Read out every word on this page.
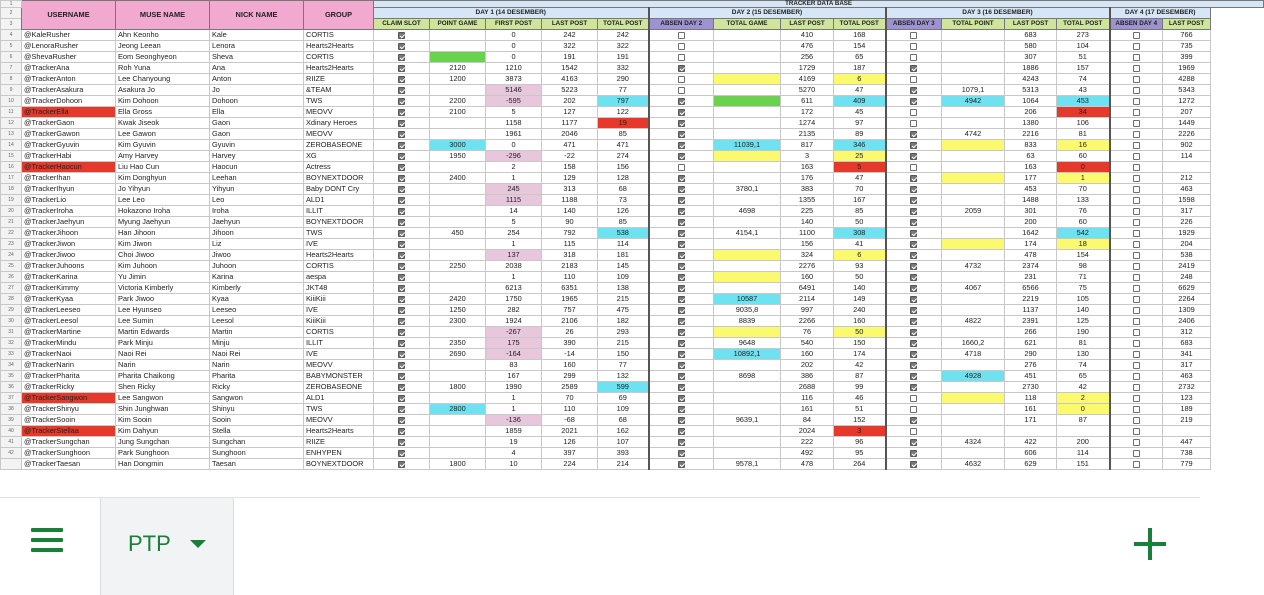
1	USERNAME	MUSE NAME	NICK NAME	GROUP	TRACKER DATA BASE														
2					DAY 1 (14 DESEMBER)					DAY 2 (15 DESEMBER)				DAY 3 (16 DESEMBER)				DAY 4 (17 DESEMBER)	
3					CLAIM SLOT	POINT GAME	FIRST POST	LAST POST	TOTAL POST	ABSEN DAY 2	TOTAL GAME	LAST POST	TOTAL POST	ABSEN DAY 3	TOTAL POINT	LAST POST	TOTAL POST	ABSEN DAY 4	LAST POST
4	@KaleRusher	Ahn Keonho	Kale	CORTIS			0	242	242			410	168			683	273		766
5	@LenoraRusher	Jeong Leean	Lenora	Hearts2Hearts			0	322	322			476	154			580	104		735
6	@ShevaRusher	Eom Seonghyeon	Sheva	CORTIS			0	191	191			256	65			307	51		399
7	@TrackerAna	Roh Yuna	Ana	Hearts2Hearts		2120	1210	1542	332			1729	187			1886	157		1969
8	@TrackerAnton	Lee Chanyoung	Anton	RIIZE		1200	3873	4163	290			4169	6			4243	74		4288
9	@TrackerAsakura	Asakura Jo	Jo	&TEAM			5146	5223	77			5270	47		1079,1	5313	43		5343
10	@TrackerDohoon	Kim Dohoon	Dohoon	TWS		2200	-595	202	797			611	409		4942	1064	453		1272
11	@TrackerElla	Ella Gross	Ella	MEOVV		2100	5	127	122			172	45			206	34		207
12	@TrackerGaon	Kwak Jiseok	Gaon	Xdinary Heroes			1158	1177	19			1274	97			1380	106		1449
13	@TrackerGawon	Lee Gawon	Gaon	MEOVV			1961	2046	85			2135	89		4742	2216	81		2226
14	@TrackerGyuvin	Kim Gyuvin	Gyuvin	ZEROBASEONE		3000	0	471	471		11039,1	817	346			833	16		902
15	@TrackerHabi	Amy Harvey	Harvey	XG		1950	-296	-22	274			3	25			63	60		114
16	@TrackerHaocun	Liu Hao Cun	Haocun	Actress			2	158	156			163	5			163	0		
17	@TrackerIhan	Kim Donghyun	Leehan	BOYNEXTDOOR		2400	1	129	128			176	47			177	1		212
18	@TrackerIhyun	Jo Yihyun	Yihyun	Baby DONT Cry			245	313	68		3780,1	383	70			453	70		463
19	@TrackerLio	Lee Leo	Leo	ALD1			1115	1188	73			1355	167			1488	133		1598
20	@TrackerIroha	Hokazono Iroha	Iroha	ILLIT			14	140	126		4698	225	85		2059	301	76		317
21	@TrackerJaehyun	Myung Jaehyun	Jaehyun	BOYNEXTDOOR			5	90	85			140	50			200	60		226
22	@TrackerJihoon	Han Jihoon	Jihoon	TWS		450	254	792	538		4154,1	1100	308			1642	542		1929
23	@TrackerJiwon	Kim Jiwon	Liz	IVE			1	115	114			156	41			174	18		204
24	@TrackerJiwoo	Choi Jiwoo	Jiwoo	Hearts2Hearts			137	318	181			324	6			478	154		538
25	@TrackerJuhoons	Kim Juhoon	Juhoon	CORTIS		2250	2038	2183	145			2276	93		4732	2374	98		2419
26	@TrackerKarina	Yu Jimin	Karina	aespa			1	110	109			160	50			231	71		248
27	@TrackerKimmy	Victoria Kimberly	Kimberly	JKT48			6213	6351	138			6491	140		4067	6566	75		6629
28	@TrackerKyaa	Park Jiwoo	Kyaa	KiiiKiii		2420	1750	1965	215		10587	2114	149			2219	105		2264
29	@TrackerLeeseo	Lee Hyunseo	Leeseo	IVE		1250	282	757	475		9035,8	997	240			1137	140		1309
30	@TrackerLeesol	Lee Sumin	Leesol	KiiiKiii		2300	1924	2106	182		8839	2266	160		4822	2391	125		2406
31	@TrackerMartine	Martin Edwards	Martin	CORTIS			-267	26	293			76	50			266	190		312
32	@TrackerMindu	Park Minju	Minju	ILLIT		2350	175	390	215		9648	540	150		1660,2	621	81		683
33	@TrackerNaoi	Naoi Rei	Naoi Rei	IVE		2690	-164	-14	150		10892,1	160	174		4718	290	130		341
34	@TrackerNarin	Narin	Narin	MEOVV			83	160	77			202	42			276	74		317
35	@TrackerPharita	Pharita Chaikong	Pharita	BABYMONSTER			167	299	132		8698	386	87		4928	451	65		463
36	@TrackerRicky	Shen Ricky	Ricky	ZEROBASEONE		1800	1990	2589	599			2688	99			2730	42		2732
37	@TrackerSangwon	Lee Sangwon	Sangwon	ALD1			1	70	69			116	46			118	2		123
38	@TrackerShinyu	Shin Junghwan	Shinyu	TWS		2800	1	110	109			161	51			161	0		189
39	@TrackerSooin	Kim Sooin	Sooin	MEOVV			-136	-68	68		9639,1	84	152			171	87		219
40	@TrackerStellaa	Kim Dahyun	Stella	Hearts2Hearts			1859	2021	162			2024	3						
41	@TrackerSungchan	Jung Sungchan	Sungchan	RIIZE			19	126	107			222	96		4324	422	200		447
42	@TrackerSunghoon	Park Sunghoon	Sunghoon	ENHYPEN			4	397	393			492	95			606	114		738
	@TrackerTaesan	Han Dongmin	Taesan	BOYNEXTDOOR		1800	10	224	214		9578,1	478	264		4632	629	151		779
PTP
